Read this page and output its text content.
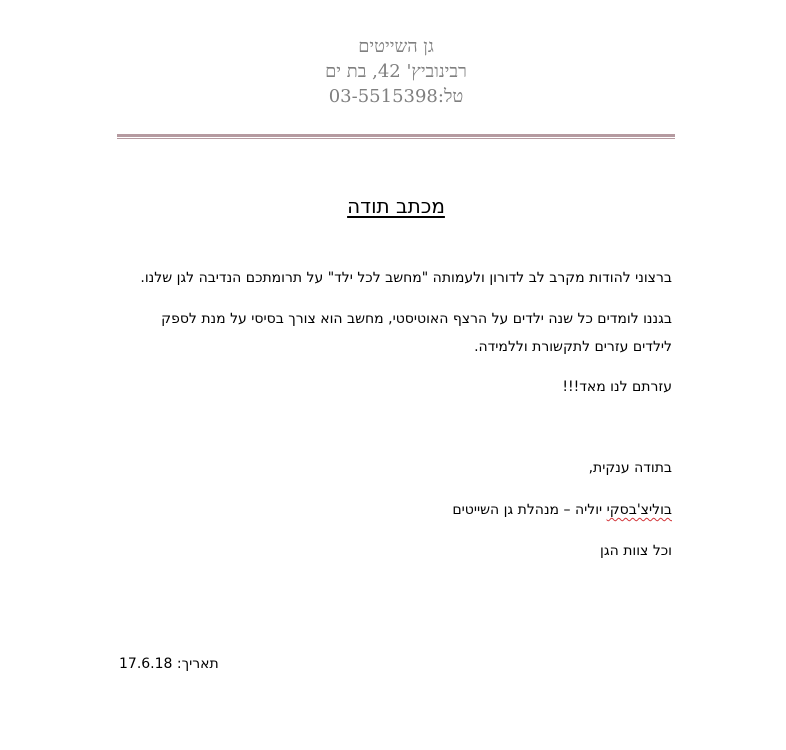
גן השייטים
רבינוביץ' 42, בת ים
טל:03-5515398
מכתב תודה
ברצוני להודות מקרב לב לדורון ולעמותה "מחשב לכל ילד" על תרומתכם הנדיבה לגן שלנו.
בגננו לומדים כל שנה ילדים על הרצף האוטיסטי, מחשב הוא צורך בסיסי על מנת לספק
לילדים עזרים לתקשורת וללמידה.
עזרתם לנו מאד!!!
בתודה ענקית,
בוליצ'בסקי יוליה – מנהלת גן השייטים
וכל צוות הגן
תאריך: 17.6.18
